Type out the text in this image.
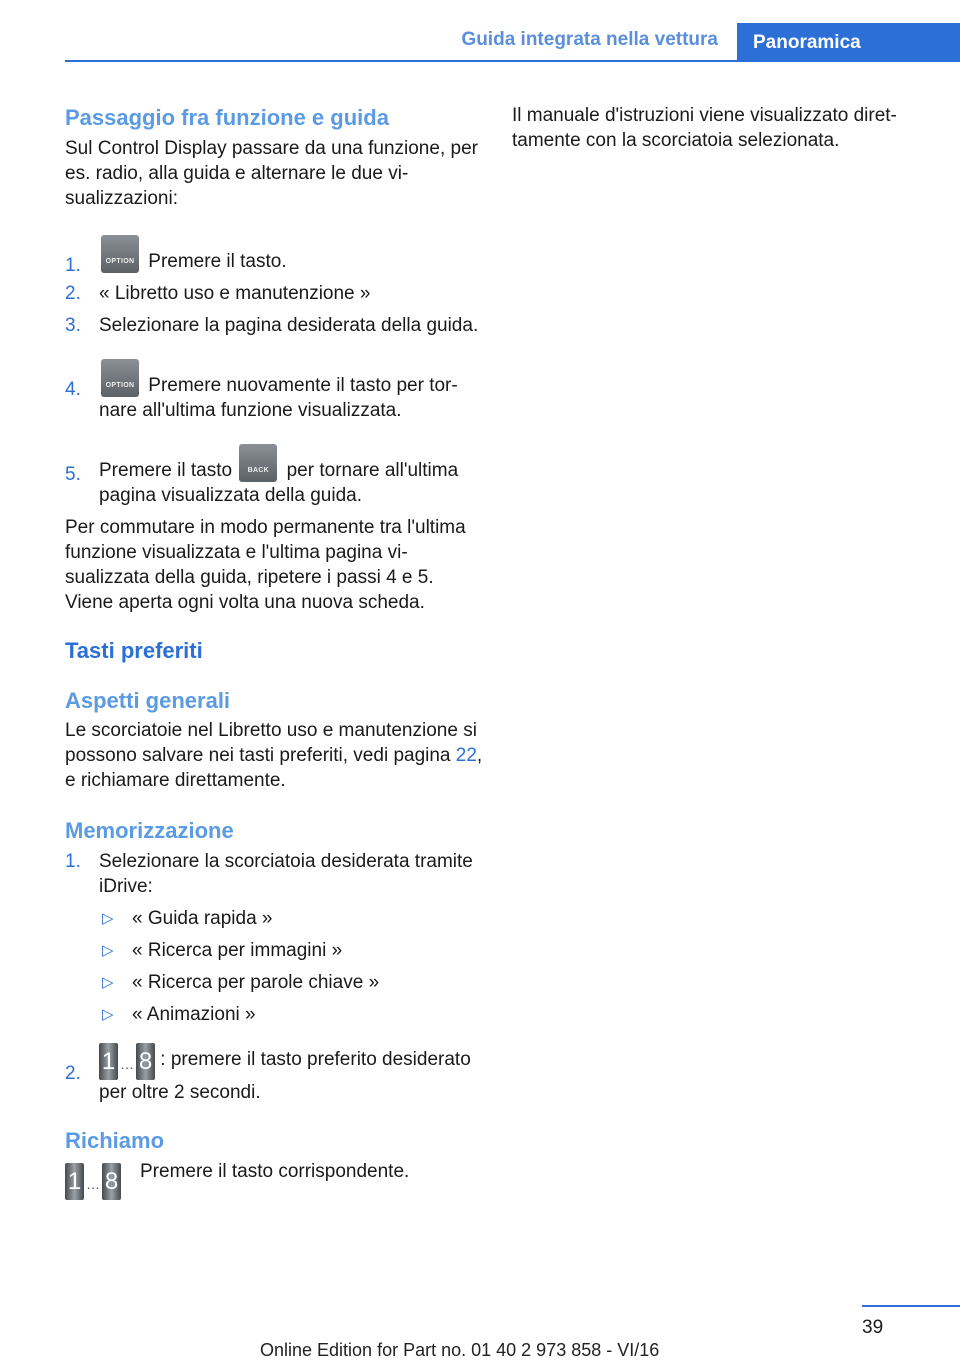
Guida integrata nella vettura	Panoramica

Passaggio fra funzione e guida

Sul Control Display passare da una funzione, per es. radio, alla guida e alternare le due visualizzazioni:

1.	OPTION Premere il tasto.
2. « Libretto uso e manutenzione »
3. Selezionare la pagina desiderata della guida.
4.	OPTION Premere nuovamente il tasto per tornare all'ultima funzione visualizzata.
5. Premere il tasto	BACK per tornare all'ultima pagina visualizzata della guida.

Per commutare in modo permanente tra l'ultima funzione visualizzata e l'ultima pagina visualizzata della guida, ripetere i passi 4 e 5. Viene aperta ogni volta una nuova scheda.

Tasti preferiti

Aspetti generali

Le scorciatoie nel Libretto uso e manutenzione si possono salvare nei tasti preferiti, vedi pagina 22, e richiamare direttamente.

Memorizzazione

1. Selezionare la scorciatoia desiderata tramite iDrive:
▷ « Guida rapida »
▷ « Ricerca per immagini »
▷ « Ricerca per parole chiave »
▷ « Animazioni »
2. 1 … 8 : premere il tasto preferito desiderato per oltre 2 secondi.

Richiamo

1 … 8 Premere il tasto corrispondente.

Il manuale d'istruzioni viene visualizzato direttamente con la scorciatoia selezionata.

39
Online Edition for Part no. 01 40 2 973 858 - VI/16
